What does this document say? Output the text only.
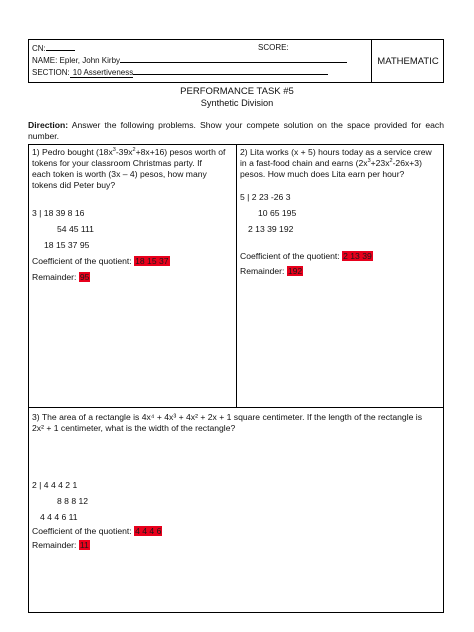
MATHEMATIC
CN:	SCORE:
NAME: Epler, John Kirby
SECTION: 10 Assertiveness
PERFORMANCE TASK #5
Synthetic Division
Direction: Answer the following problems. Show your compete solution on the space provided for each number.
1) Pedro bought $(18x^3-39x^2+8x+16)$ pesos worth of
tokens for your classroom Christmas party. If
each token is worth (3x – 4) pesos, how many
tokens did Peter buy?
3 | 18 39 8 16
54 45 111
18 15 37 95
Coefficient of the quotient: 18 15 37
Remainder: 95
2) Lita works (x + 5) hours today as a service crew
in a fast-food chain and earns $(2x^3+23x^2-26x+3)$
pesos. How much does Lita earn per hour?
5 | 2 23 -26 3
10 65 195
2 13 39 192
Coefficient of the quotient: 2 13 39
Remainder: 192
3) The area of a rectangle is 4x⁴ + 4x³ + 4x² + 2x + 1 square centimeter. If the length of the rectangle is
2x² + 1 centimeter, what is the width of the rectangle?
2 | 4 4 4 2 1
8 8 8 12
4 4 4 6 11
Coefficient of the quotient: 4 4 4 6
Remainder: 11
